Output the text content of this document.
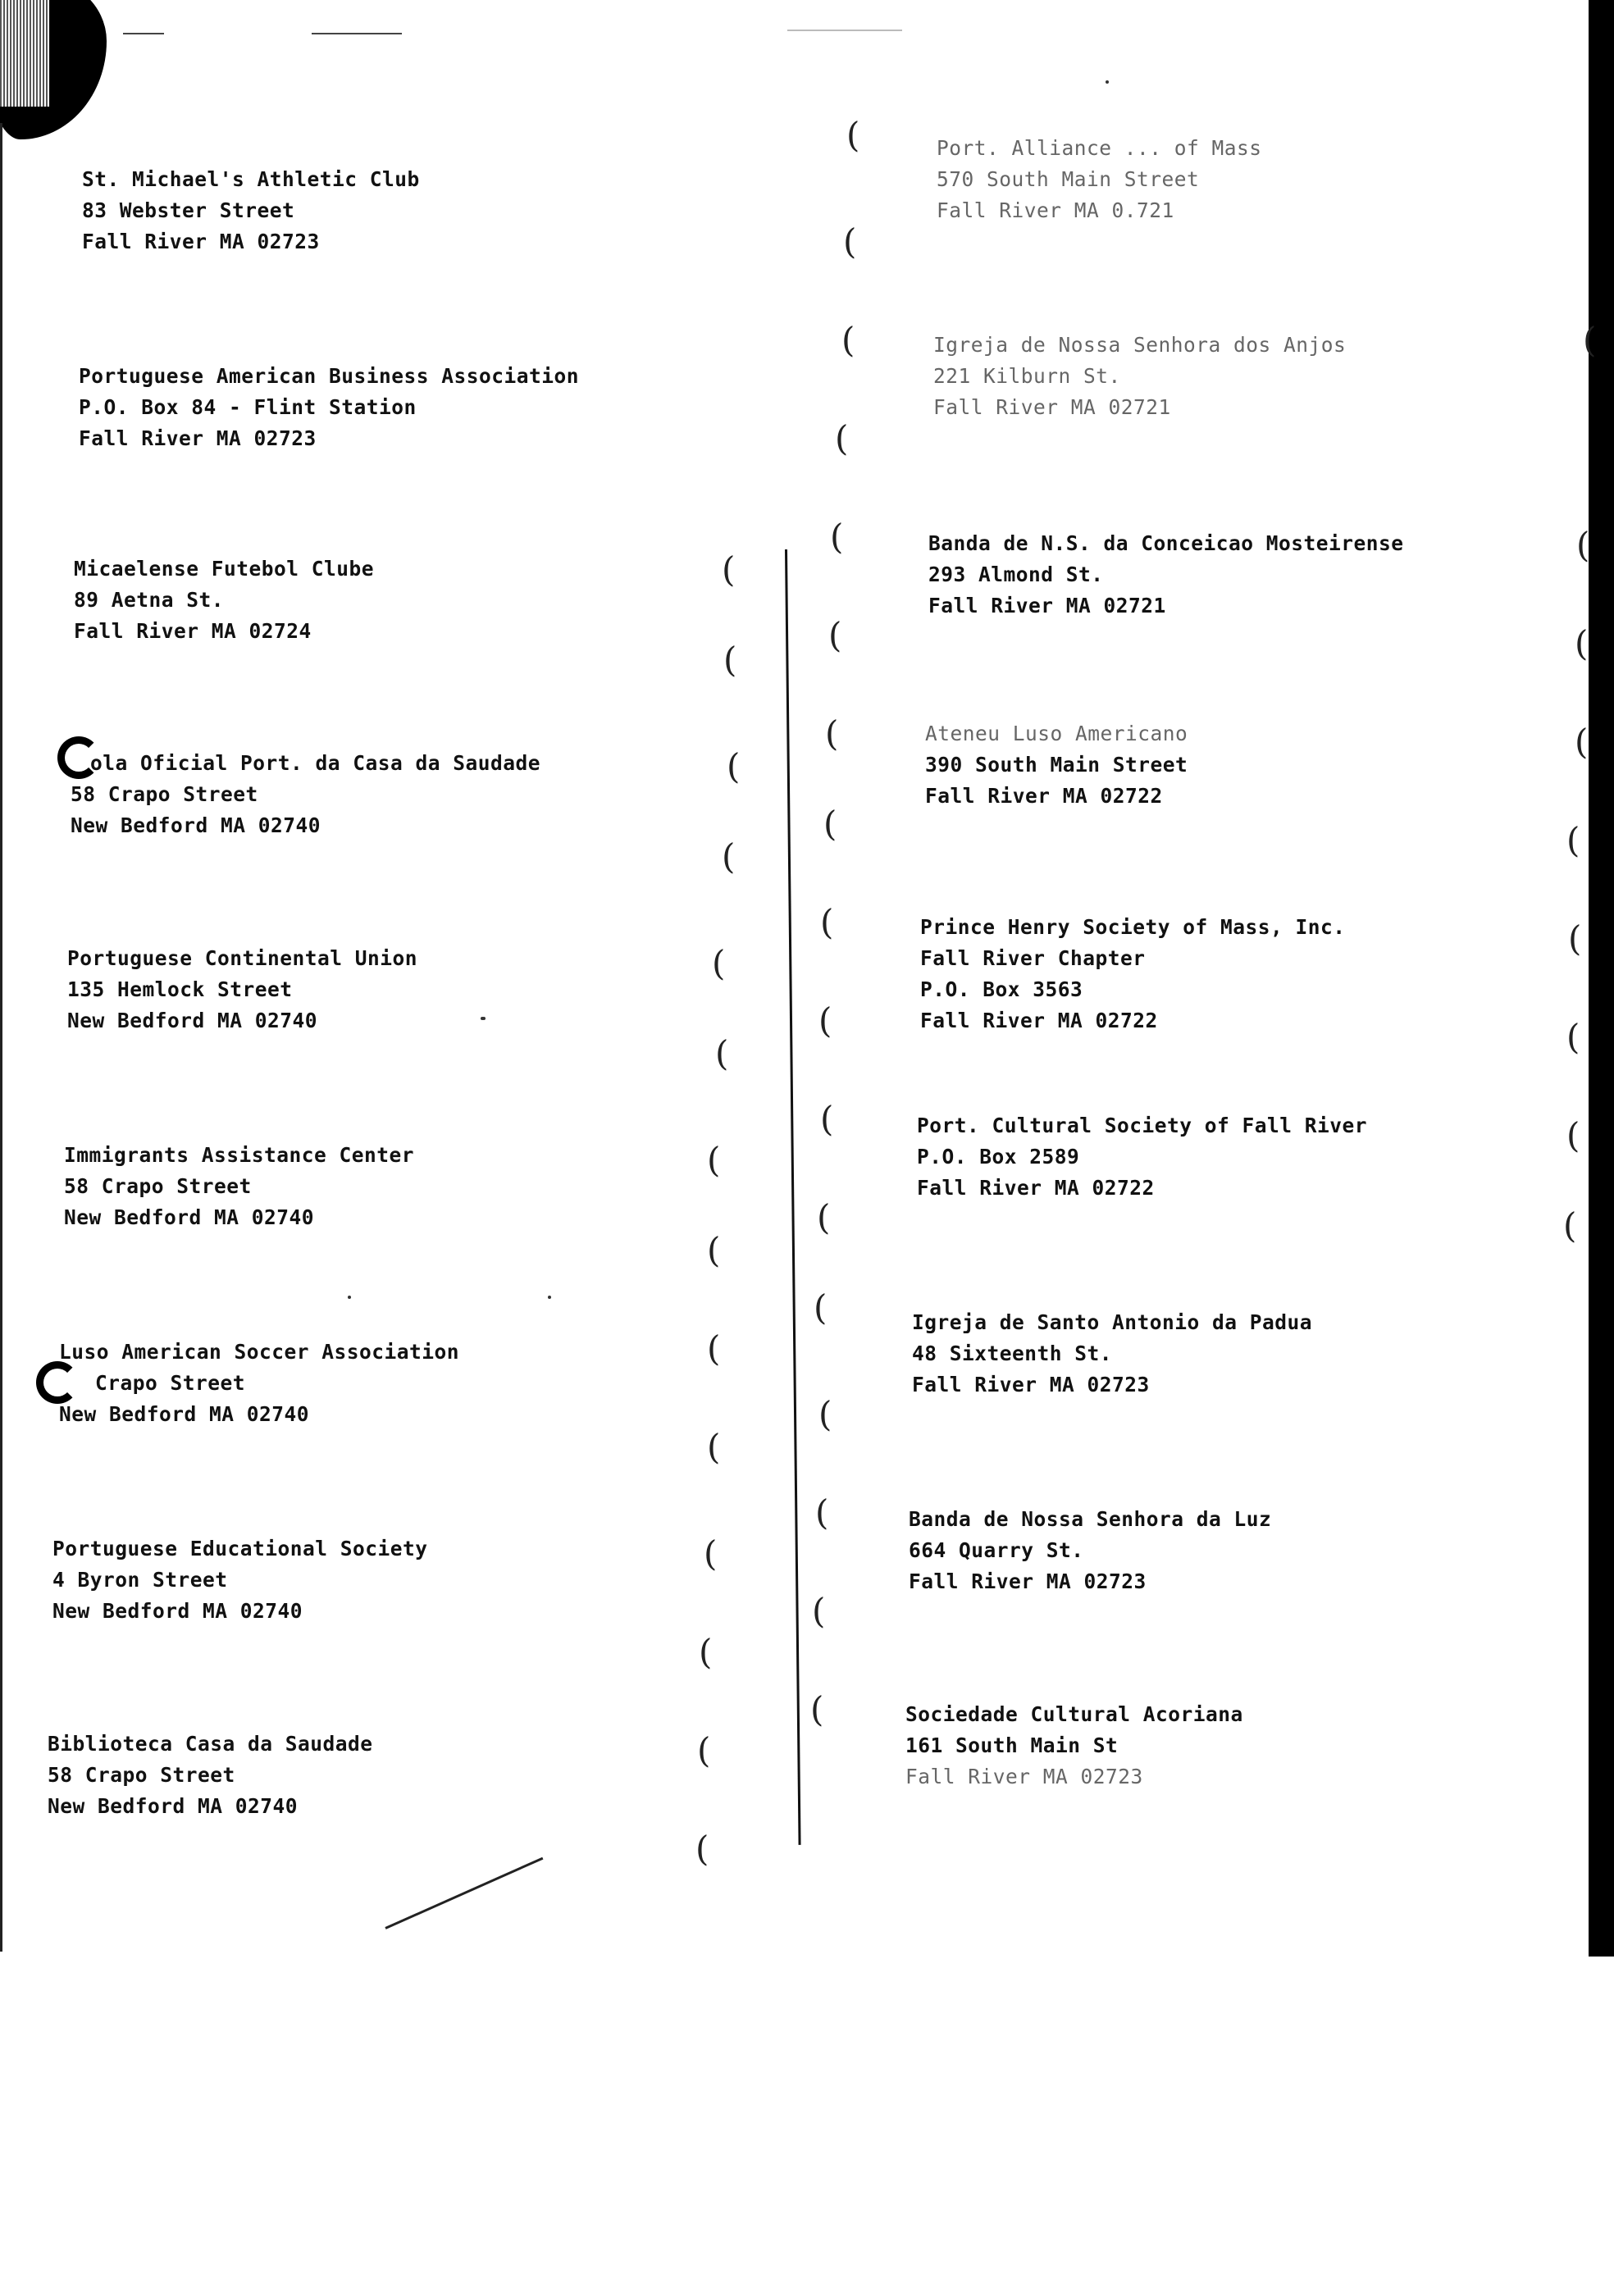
(
(
(
(
(
(
(
(
(
(
(
(
(
(
(
(
(
(
(
(
(
(
(
(
(
(
(
(
(
(
(
(
(
(
(
(
(
(
(
(
St. Michael's Athletic Club
83 Webster Street
Fall River MA 02723
Portuguese American Business Association
P.O. Box 84 - Flint Station
Fall River MA 02723
Micaelense Futebol Clube
89 Aetna St.
Fall River MA 02724
ola Oficial Port. da Casa da Saudade
58 Crapo Street
New Bedford MA 02740
Portuguese Continental Union
135 Hemlock Street
New Bedford MA 02740
Immigrants Assistance Center
58 Crapo Street
New Bedford MA 02740
Luso American Soccer Association
Crapo Street
New Bedford MA 02740
Portuguese Educational Society
4 Byron Street
New Bedford MA 02740
Biblioteca Casa da Saudade
58 Crapo Street
New Bedford MA 02740
Port. Alliance ... of Mass
570 South Main Street
Fall River MA 0.721
Igreja de Nossa Senhora dos Anjos
221 Kilburn St.
Fall River MA 02721
Banda de N.S. da Conceicao Mosteirense
293 Almond St.
Fall River MA 02721
Ateneu Luso Americano
390 South Main Street
Fall River MA 02722
Prince Henry Society of Mass, Inc.
Fall River Chapter
P.O. Box 3563
Fall River MA 02722
Port. Cultural Society of Fall River
P.O. Box 2589
Fall River MA 02722
Igreja de Santo Antonio da Padua
48 Sixteenth St.
Fall River MA 02723
Banda de Nossa Senhora da Luz
664 Quarry St.
Fall River MA 02723
Sociedade Cultural Acoriana
161 South Main St
Fall River MA 02723
